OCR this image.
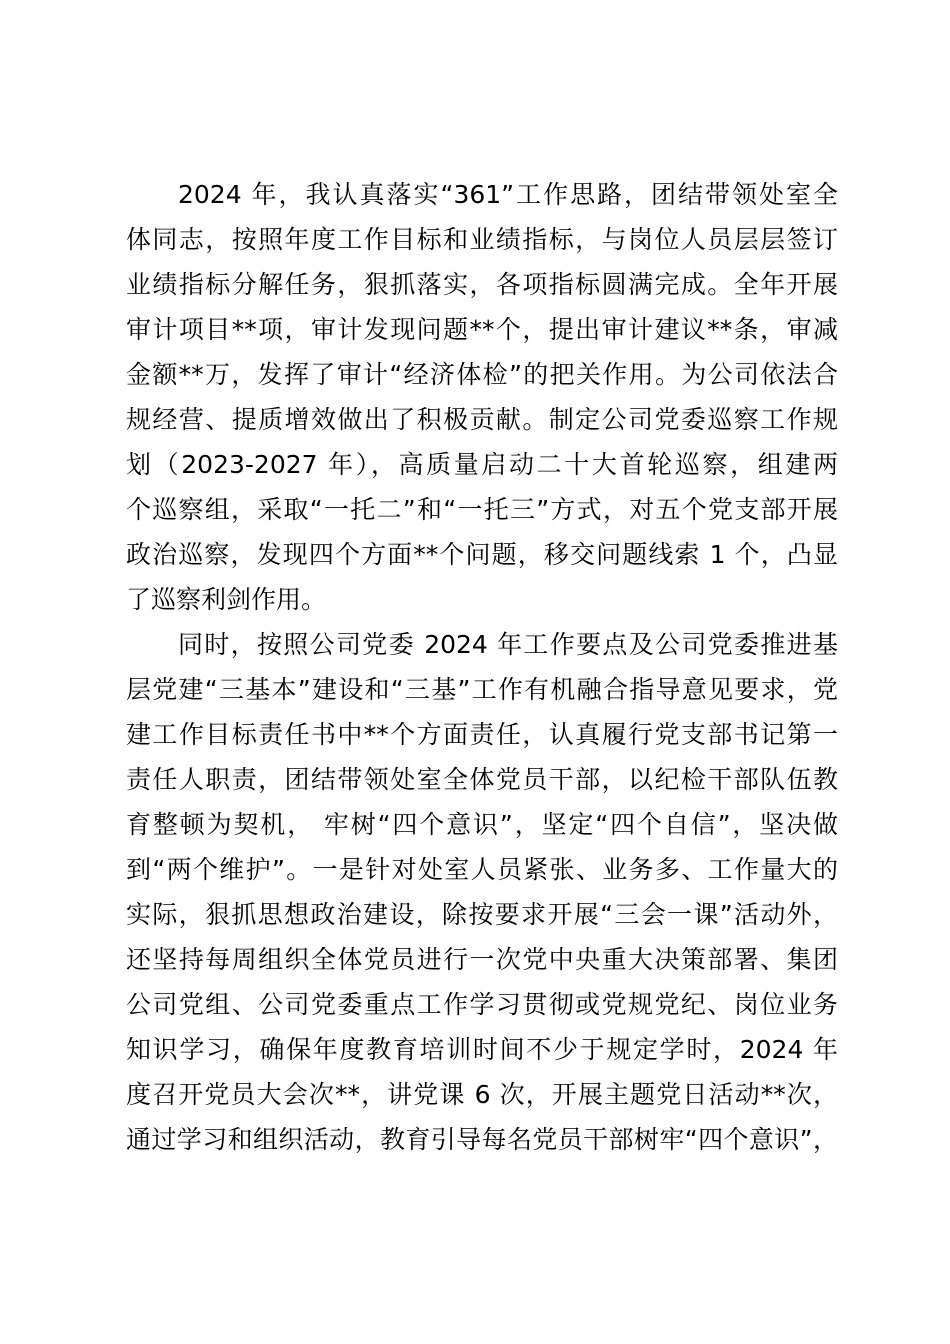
2024 年，我认真落实“361”工作思路，团结带领处室全
体同志，按照年度工作目标和业绩指标，与岗位人员层层签订
业绩指标分解任务，狠抓落实，各项指标圆满完成。全年开展
审计项目**项，审计发现问题**个，提出审计建议**条，审减
金额**万，发挥了审计“经济体检”的把关作用。为公司依法合
规经营、提质增效做出了积极贡献。制定公司党委巡察工作规
划（2023-2027 年），高质量启动二十大首轮巡察，组建两
个巡察组，采取“一托二”和“一托三”方式，对五个党支部开展
政治巡察，发现四个方面**个问题，移交问题线索 1 个，凸显
了巡察利剑作用。
同时，按照公司党委 2024 年工作要点及公司党委推进基
层党建“三基本”建设和“三基”工作有机融合指导意见要求，党
建工作目标责任书中**个方面责任，认真履行党支部书记第一
责任人职责，团结带领处室全体党员干部，以纪检干部队伍教
育整顿为契机， 牢树“四个意识”，坚定“四个自信”，坚决做
到“两个维护”。一是针对处室人员紧张、业务多、工作量大的
实际，狠抓思想政治建设，除按要求开展“三会一课”活动外，
还坚持每周组织全体党员进行一次党中央重大决策部署、集团
公司党组、公司党委重点工作学习贯彻或党规党纪、岗位业务
知识学习，确保年度教育培训时间不少于规定学时，2024 年
度召开党员大会次**，讲党课 6 次，开展主题党日活动**次，
通过学习和组织活动，教育引导每名党员干部树牢“四个意识”，
